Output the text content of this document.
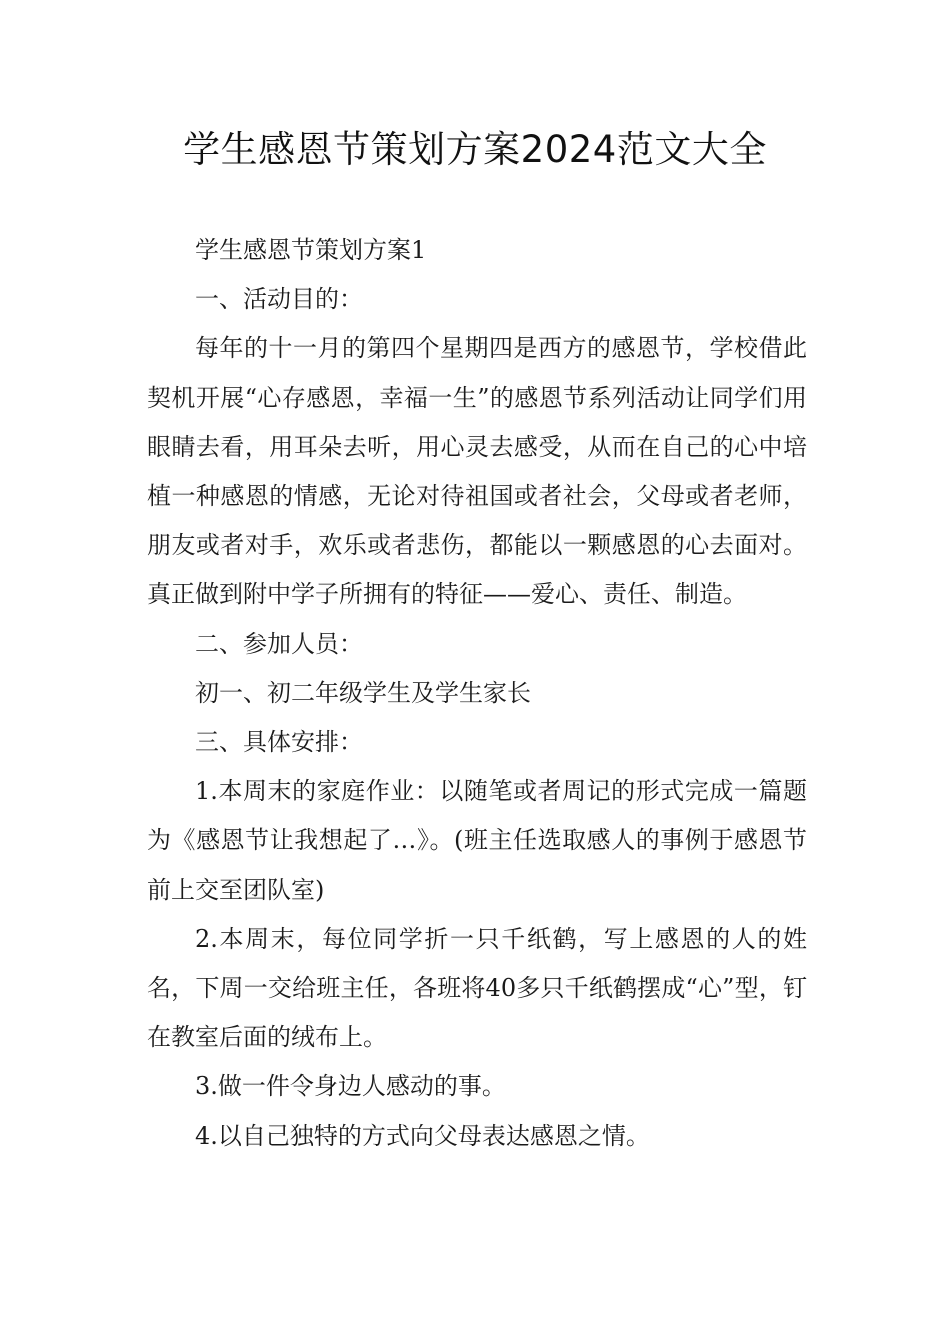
学生感恩节策划方案2024范文大全

学生感恩节策划方案1

一、活动目的：

每年的十一月的第四个星期四是西方的感恩节，学校借此契机开展“心存感恩，幸福一生”的感恩节系列活动让同学们用眼睛去看，用耳朵去听，用心灵去感受，从而在自己的心中培植一种感恩的情感，无论对待祖国或者社会，父母或者老师，朋友或者对手，欢乐或者悲伤，都能以一颗感恩的心去面对。真正做到附中学子所拥有的特征——爱心、责任、制造。

二、参加人员：

初一、初二年级学生及学生家长

三、具体安排：

1.本周末的家庭作业：以随笔或者周记的形式完成一篇题为《感恩节让我想起了…》。(班主任选取感人的事例于感恩节前上交至团队室)

2.本周末，每位同学折一只千纸鹤，写上感恩的人的姓名，下周一交给班主任，各班将40多只千纸鹤摆成“心”型，钉在教室后面的绒布上。

3.做一件令身边人感动的事。

4.以自己独特的方式向父母表达感恩之情。
